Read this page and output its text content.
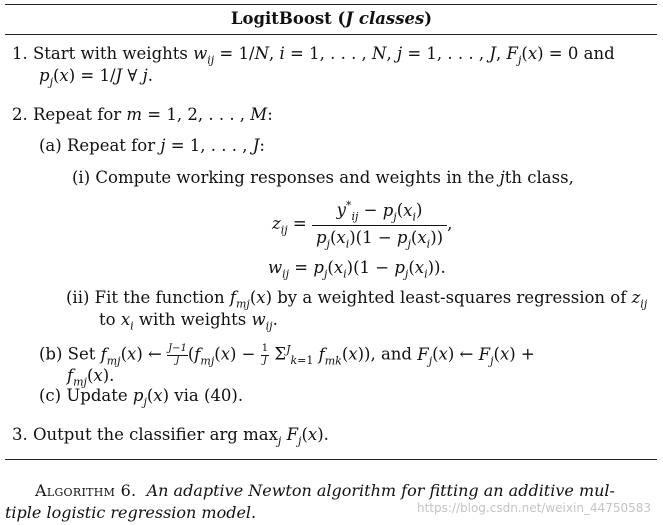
LogitBoost (J classes)
1. Start with weights $w_{ij} = 1/N$, i = 1, . . . , N, j = 1, . . . , J, $F_j(x) = 0$ and
$p_j(x) = 1/J$ ∀ j.
2. Repeat for m = 1, 2, . . . , M:
(a) Repeat for j = 1, . . . , J:
(i) Compute working responses and weights in the jth class,
$z_{ij} = \frac{y^*_{ij} - p_j(x_i)}{p_j(x_i)(1 - p_j(x_i))}$ ,
$w_{ij} = p_j(x_i)(1 - p_j(x_i))$.
(ii) Fit the function $f_{mj}(x)$ by a weighted least-squares regression of $z_{ij}$
to $x_i$ with weights $w_{ij}$.
(b) Set $f_{mj}(x)$ ← $\frac{J-1}{J} (f_{mj}(x) - \frac{1}{J} \Sigma^J_{k=1}$ $f_{mk}(x)$), and $F_j(x)$ ← $F_j(x)$ +
$f_{mj}(x)$.
(c) Update $p_j(x)$ via (40).
3. Output the classifier arg $\max_j F_j(x)$.
Algorithm 6. An adaptive Newton algorithm for fitting an additive mul-
tiple logistic regression model.	https://blog.csdn.net/weixin_44750583
